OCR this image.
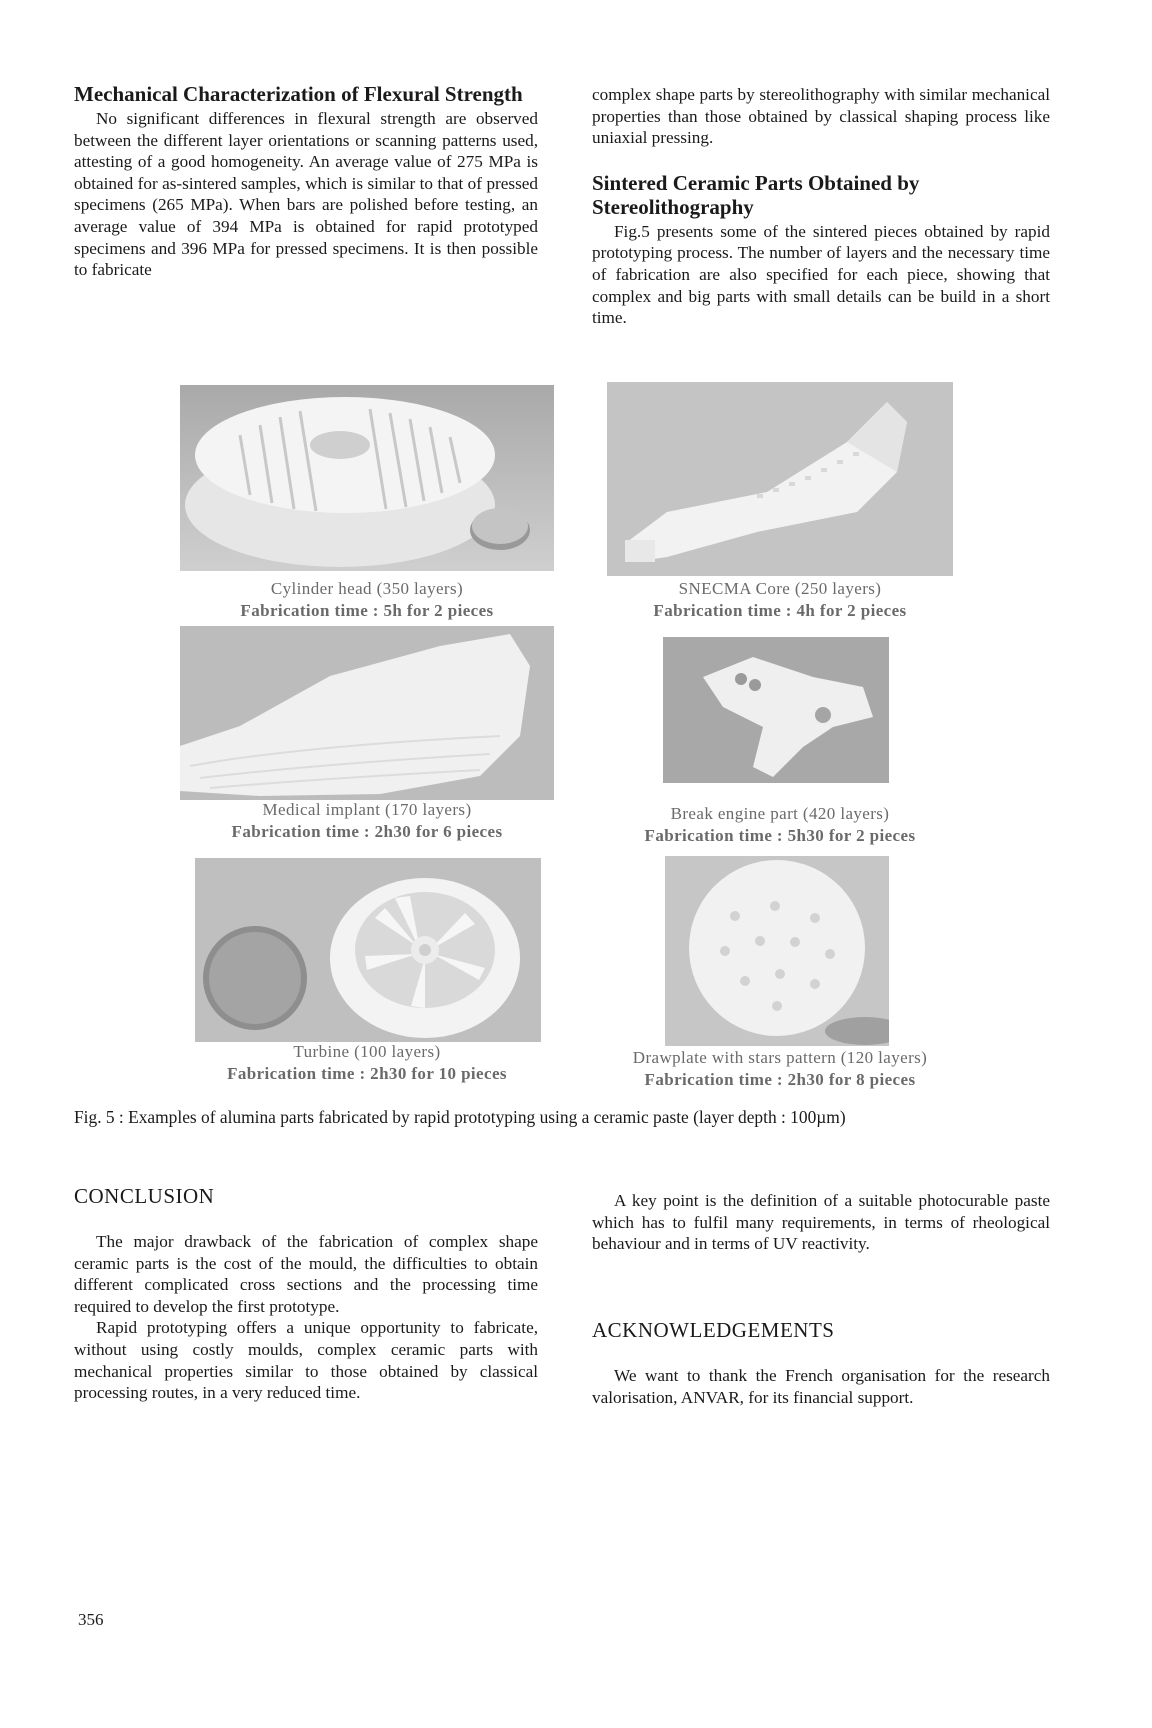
Mechanical Characterization of Flexural Strength

No significant differences in flexural strength are observed between the different layer orientations or scanning patterns used, attesting of a good homogeneity. An average value of 275 MPa is obtained for as-sintered samples, which is similar to that of pressed specimens (265 MPa). When bars are polished before testing, an average value of 394 MPa is obtained for rapid prototyped specimens and 396 MPa for pressed specimens. It is then possible to fabricate

complex shape parts by stereolithography with similar mechanical properties than those obtained by classical shaping process like uniaxial pressing.

Sintered Ceramic Parts Obtained by Stereolithography

Fig.5 presents some of the sintered pieces obtained by rapid prototyping process. The number of layers and the necessary time of fabrication are also specified for each piece, showing that complex and big parts with small details can be build in a short time.

Cylinder head (350 layers)
Fabrication time : 5h for 2 pieces
SNECMA Core (250 layers)
Fabrication time : 4h for 2 pieces
Medical implant (170 layers)
Fabrication time : 2h30 for 6 pieces
Break engine part (420 layers)
Fabrication time : 5h30 for 2 pieces
Turbine (100 layers)
Fabrication time : 2h30 for 10 pieces
Drawplate with stars pattern (120 layers)
Fabrication time : 2h30 for 8 pieces
Fig. 5 : Examples of alumina parts fabricated by rapid prototyping using a ceramic paste (layer depth : 100µm)
CONCLUSION

The major drawback of the fabrication of complex shape ceramic parts is the cost of the mould, the difficulties to obtain different complicated cross sections and the processing time required to develop the first prototype.

Rapid prototyping offers a unique opportunity to fabricate, without using costly moulds, complex ceramic parts with mechanical properties similar to those obtained by classical processing routes, in a very reduced time.

A key point is the definition of a suitable photocurable paste which has to fulfil many requirements, in terms of rheological behaviour and in terms of UV reactivity.

ACKNOWLEDGEMENTS

We want to thank the French organisation for the research valorisation, ANVAR, for its financial support.

356
